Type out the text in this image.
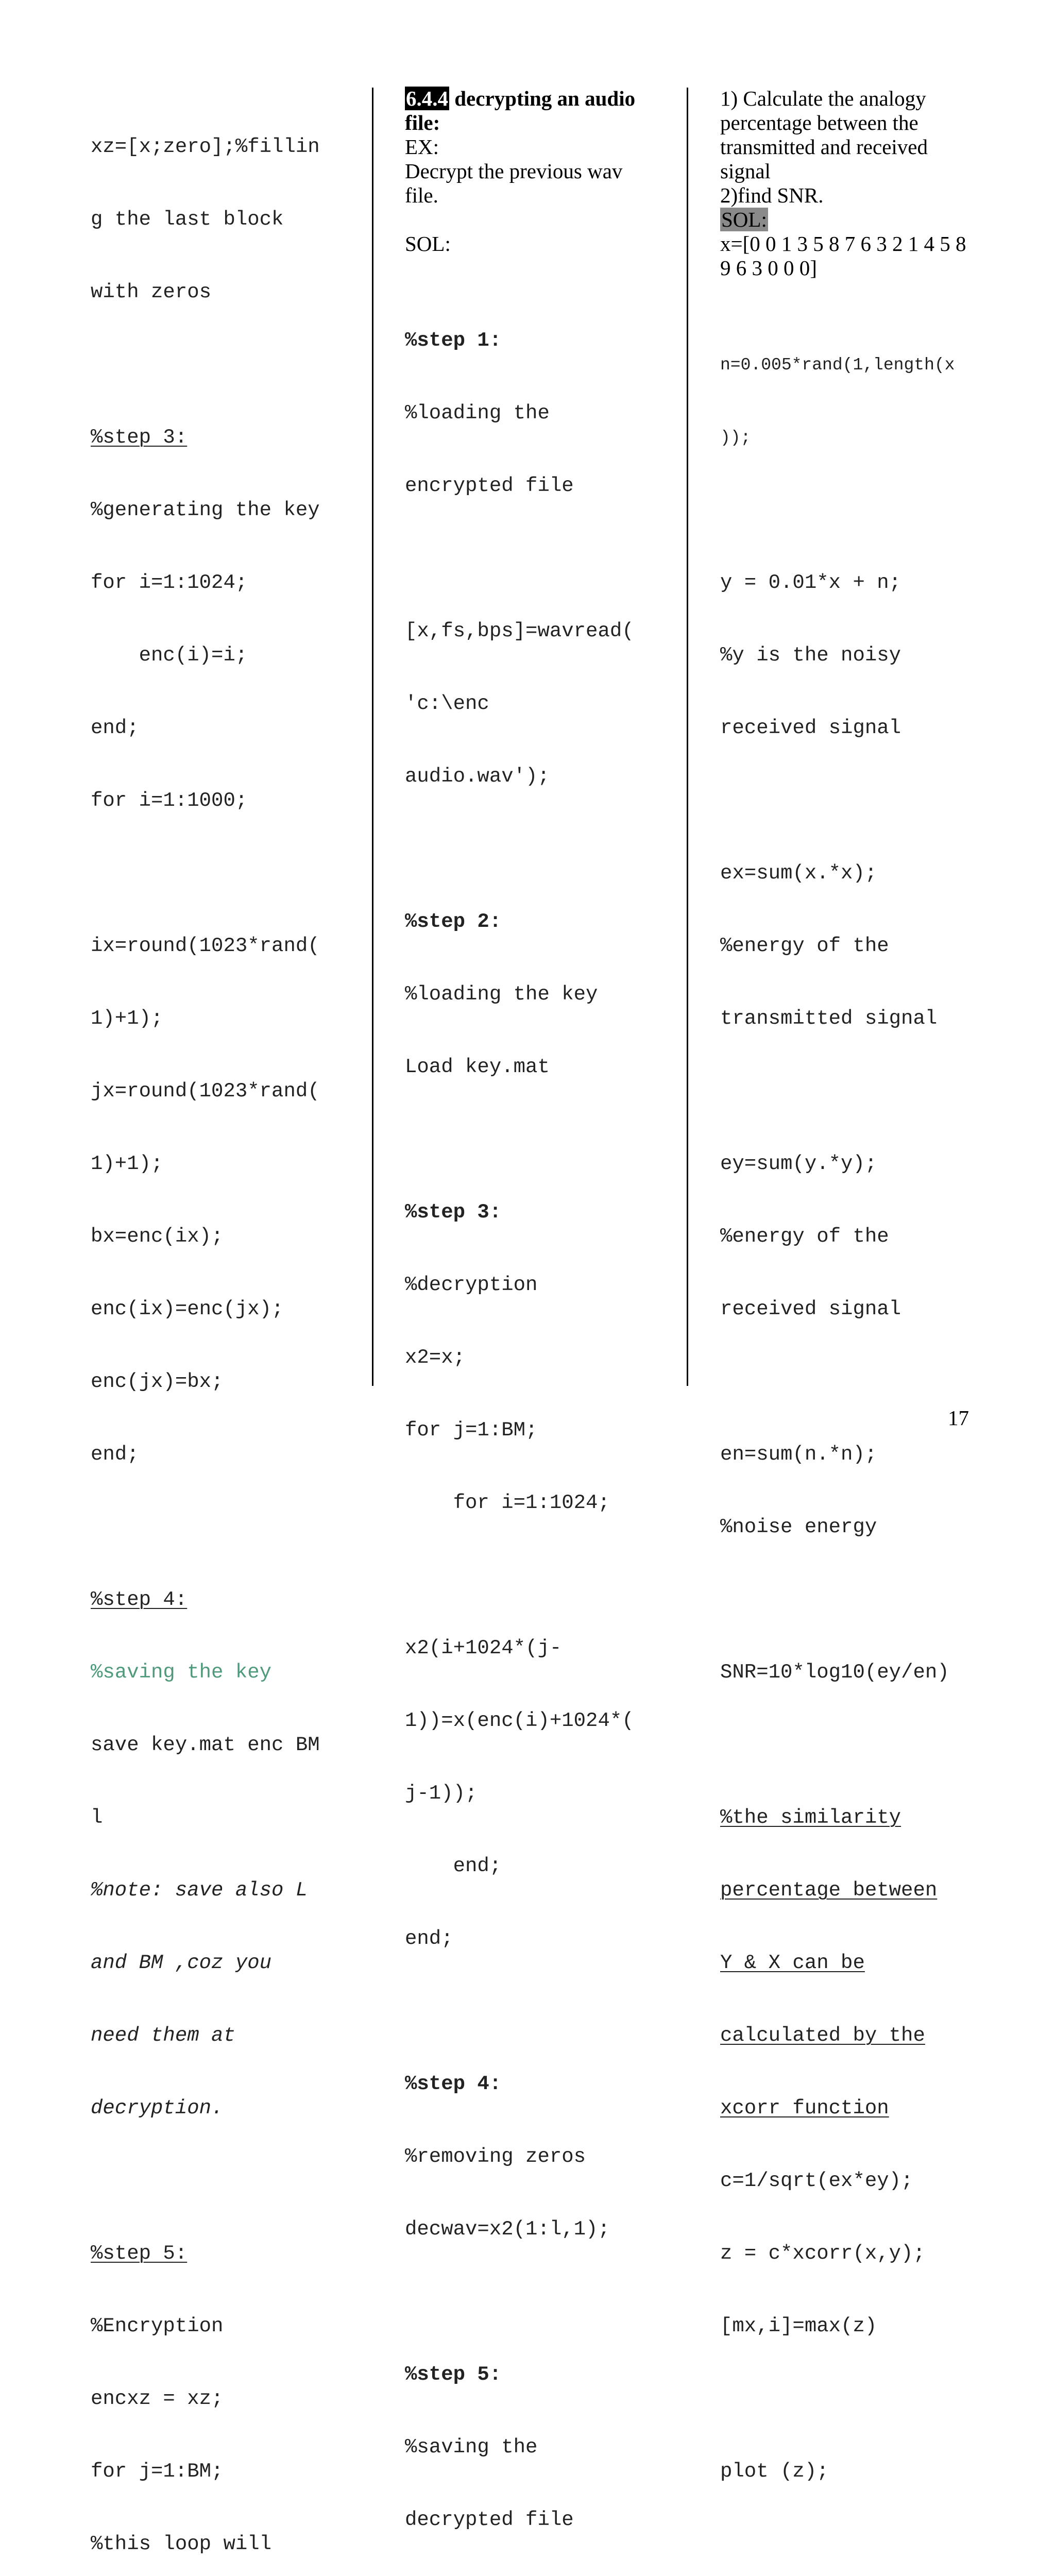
xz=[x;zero];%fillin

g the last block

with zeros

%step 3:

%generating the key

for i=1:1024;

enc(i)=i;

end;

for i=1:1000;

ix=round(1023*rand(

1)+1);

jx=round(1023*rand(

1)+1);

bx=enc(ix);

enc(ix)=enc(jx);

enc(jx)=bx;

end;

%step 4:

%saving the key

save key.mat enc BM

l

%note: save also L

and BM ,coz you

need them at

decryption.

%step 5:

%Encryption

encxz = xz;

for j=1:BM;

%this loop will

6.4.4 decrypting an audio
file:
EX:
Decrypt the previous wav
file.
SOL:

%step 1:

%loading the

encrypted file

[x,fs,bps]=wavread(

'c:\enc

audio.wav');

%step 2:

%loading the key

Load key.mat

%step 3:

%decryption

x2=x;

for j=1:BM;

for i=1:1024;

x2(i+1024*(j-

1))=x(enc(i)+1024*(

j-1));

end;

end;

%step 4:

%removing zeros

decwav=x2(1:l,1);

%step 5:

%saving the

decrypted file

1) Calculate the analogy
percentage between the
transmitted and received
signal
2)find SNR.
SOL:
x=[0 0 1 3 5 8 7 6 3 2 1 4 5 8
9 6 3 0 0 0]

n=0.005*rand(1,length(x

));

y = 0.01*x + n;

%y is the noisy

received signal

ex=sum(x.*x);

%energy of the

transmitted signal

ey=sum(y.*y);

%energy of the

received signal

en=sum(n.*n);

%noise energy

SNR=10*log10(ey/en)

%the similarity

percentage between

Y & X can be

calculated by the

xcorr function

c=1/sqrt(ex*ey);

z = c*xcorr(x,y);

[mx,i]=max(z)

plot (z);

17
